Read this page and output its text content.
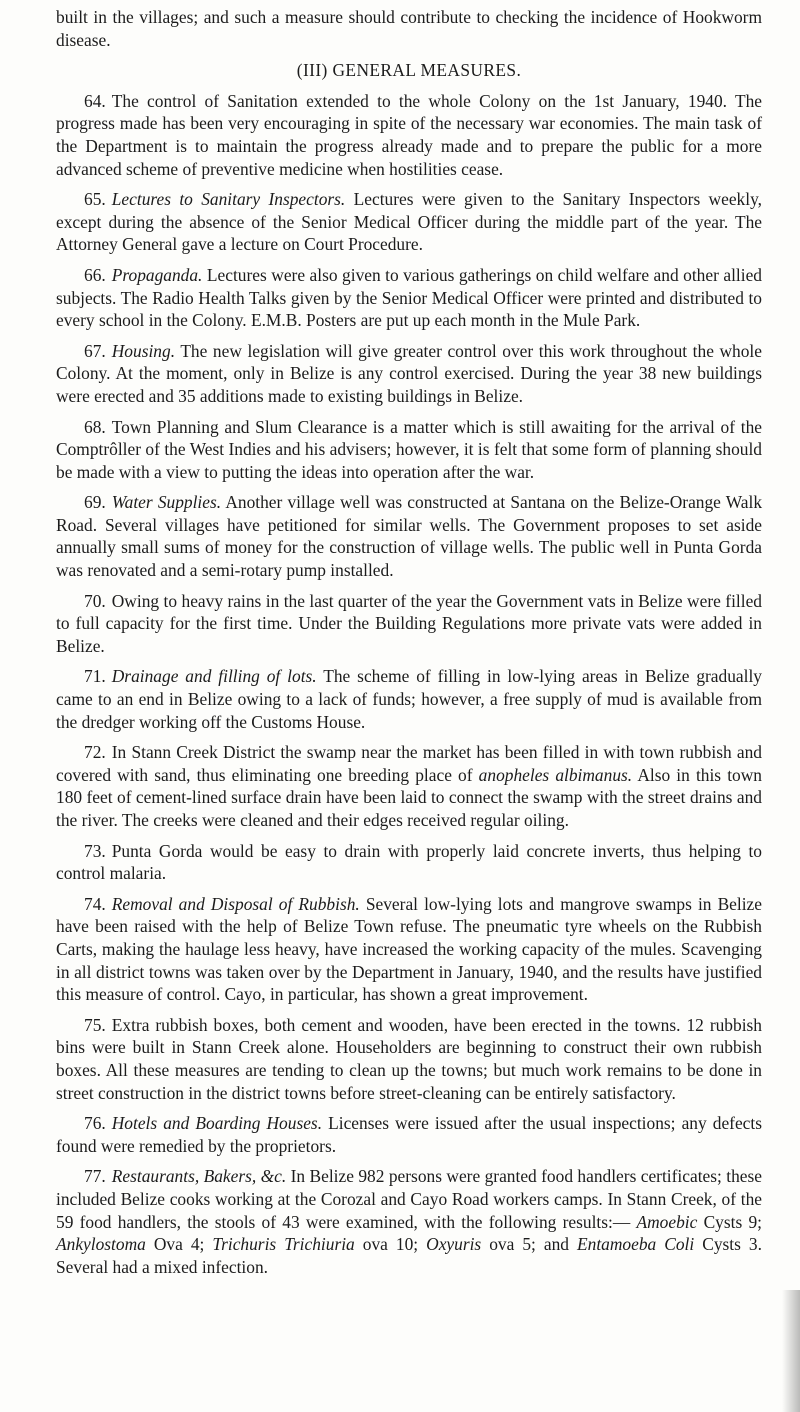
built in the villages; and such a measure should contribute to checking the incidence of Hookworm disease.

(III) GENERAL MEASURES.

64. The control of Sanitation extended to the whole Colony on the 1st January, 1940. The progress made has been very encouraging in spite of the necessary war economies. The main task of the Department is to maintain the progress already made and to prepare the public for a more advanced scheme of preventive medicine when hostilities cease.

65. Lectures to Sanitary Inspectors. Lectures were given to the Sanitary Inspectors weekly, except during the absence of the Senior Medical Officer during the middle part of the year. The Attorney General gave a lecture on Court Procedure.

66. Propaganda. Lectures were also given to various gatherings on child welfare and other allied subjects. The Radio Health Talks given by the Senior Medical Officer were printed and distributed to every school in the Colony. E.M.B. Posters are put up each month in the Mule Park.

67. Housing. The new legislation will give greater control over this work throughout the whole Colony. At the moment, only in Belize is any control exercised. During the year 38 new buildings were erected and 35 additions made to existing buildings in Belize.

68. Town Planning and Slum Clearance is a matter which is still awaiting for the arrival of the Comptrôller of the West Indies and his advisers; however, it is felt that some form of planning should be made with a view to putting the ideas into operation after the war.

69. Water Supplies. Another village well was constructed at Santana on the Belize-Orange Walk Road. Several villages have petitioned for similar wells. The Government proposes to set aside annually small sums of money for the construction of village wells. The public well in Punta Gorda was renovated and a semi-rotary pump installed.

70. Owing to heavy rains in the last quarter of the year the Government vats in Belize were filled to full capacity for the first time. Under the Building Regulations more private vats were added in Belize.

71. Drainage and filling of lots. The scheme of filling in low-lying areas in Belize gradually came to an end in Belize owing to a lack of funds; however, a free supply of mud is available from the dredger working off the Customs House.

72. In Stann Creek District the swamp near the market has been filled in with town rubbish and covered with sand, thus eliminating one breeding place of anopheles albimanus. Also in this town 180 feet of cement-lined surface drain have been laid to connect the swamp with the street drains and the river. The creeks were cleaned and their edges received regular oiling.

73. Punta Gorda would be easy to drain with properly laid concrete inverts, thus helping to control malaria.

74. Removal and Disposal of Rubbish. Several low-lying lots and mangrove swamps in Belize have been raised with the help of Belize Town refuse. The pneumatic tyre wheels on the Rubbish Carts, making the haulage less heavy, have increased the working capacity of the mules. Scavenging in all district towns was taken over by the Department in January, 1940, and the results have justified this measure of control. Cayo, in particular, has shown a great improvement.

75. Extra rubbish boxes, both cement and wooden, have been erected in the towns. 12 rubbish bins were built in Stann Creek alone. Householders are beginning to construct their own rubbish boxes. All these measures are tending to clean up the towns; but much work remains to be done in street construction in the district towns before street-cleaning can be entirely satisfactory.

76. Hotels and Boarding Houses. Licenses were issued after the usual inspections; any defects found were remedied by the proprietors.

77. Restaurants, Bakers, &c. In Belize 982 persons were granted food handlers certificates; these included Belize cooks working at the Corozal and Cayo Road workers camps. In Stann Creek, of the 59 food handlers, the stools of 43 were examined, with the following results:— Amoebic Cysts 9; Ankylostoma Ova 4; Trichuris Trichiuria ova 10; Oxyuris ova 5; and Entamoeba Coli Cysts 3. Several had a mixed infection.
